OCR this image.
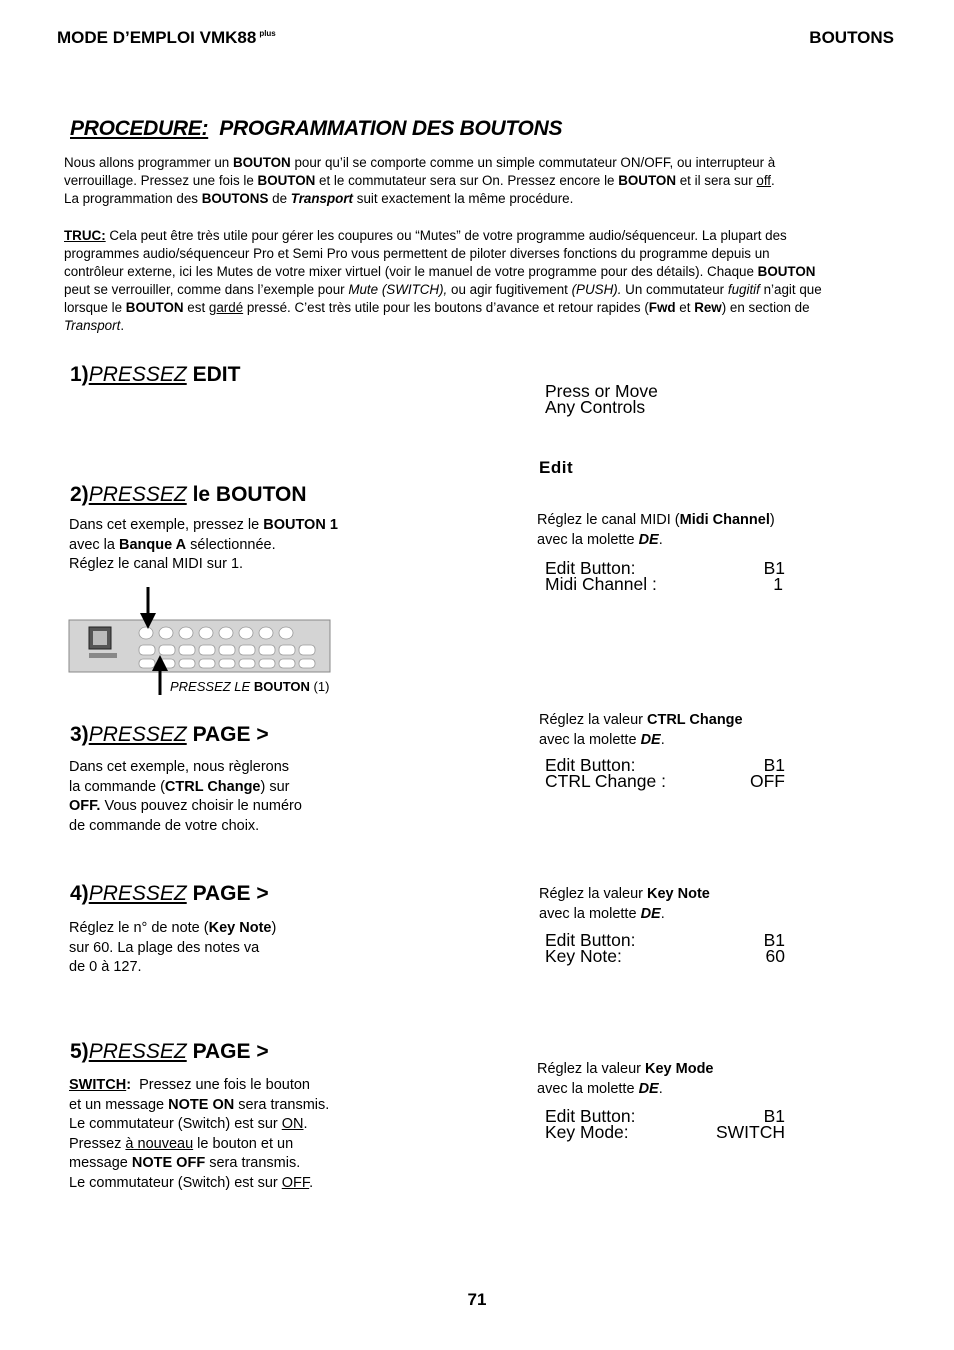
MODE D’EMPLOI VMK88 $^{plus}$	BOUTONS
PROCEDURE: PROGRAMMATION DES BOUTONS
Nous allons programmer un BOUTON pour qu’il se comporte comme un simple commutateur ON/OFF, ou interrupteur à
verrouillage. Pressez une fois le BOUTON et le commutateur sera sur On. Pressez encore le BOUTON et il sera sur off.
La programmation des BOUTONS de Transport suit exactement la même procédure.
TRUC: Cela peut être très utile pour gérer les coupures ou “Mutes” de votre programme audio/séquenceur. La plupart des
programmes audio/séquenceur Pro et Semi Pro vous permettent de piloter diverses fonctions du programme depuis un
contrôleur externe, ici les Mutes de votre mixer virtuel (voir le manuel de votre programme pour des détails). Chaque BOUTON
peut se verrouiller, comme dans l’exemple pour Mute (SWITCH), ou agir fugitivement (PUSH). Un commutateur fugitif n’agit que
lorsque le BOUTON est gardé pressé. C’est très utile pour les boutons d’avance et retour rapides (Fwd et Rew) en section de
Transport.
1)PRESSEZ EDIT
Press or Move
Any Controls
Edit
2)PRESSEZ le BOUTON
Dans cet exemple, pressez le BOUTON 1
avec la Banque A sélectionnée.
Réglez le canal MIDI sur 1.
PRESSEZ LE BOUTON (1)
Réglez le canal MIDI (Midi Channel)
avec la molette DE.
Edit Button:	B1
Midi Channel :	1
3)PRESSEZ PAGE >
Dans cet exemple, nous règlerons
la commande (CTRL Change) sur
OFF. Vous pouvez choisir le numéro
de commande de votre choix.
Réglez la valeur CTRL Change
avec la molette DE.
Edit Button:	B1
CTRL Change :	OFF
4)PRESSEZ PAGE >
Réglez le n° de note (Key Note)
sur 60. La plage des notes va
de 0 à 127.
Réglez la valeur Key Note
avec la molette DE.
Edit Button:	B1
Key Note:	60
5)PRESSEZ PAGE >
SWITCH:  Pressez une fois le bouton
et un message NOTE ON sera transmis.
Le commutateur (Switch) est sur ON.
Pressez à nouveau le bouton et un
message NOTE OFF sera transmis.
Le commutateur (Switch) est sur OFF.
Réglez la valeur Key Mode
avec la molette DE.
Edit Button:	B1
Key Mode:	SWITCH
71
